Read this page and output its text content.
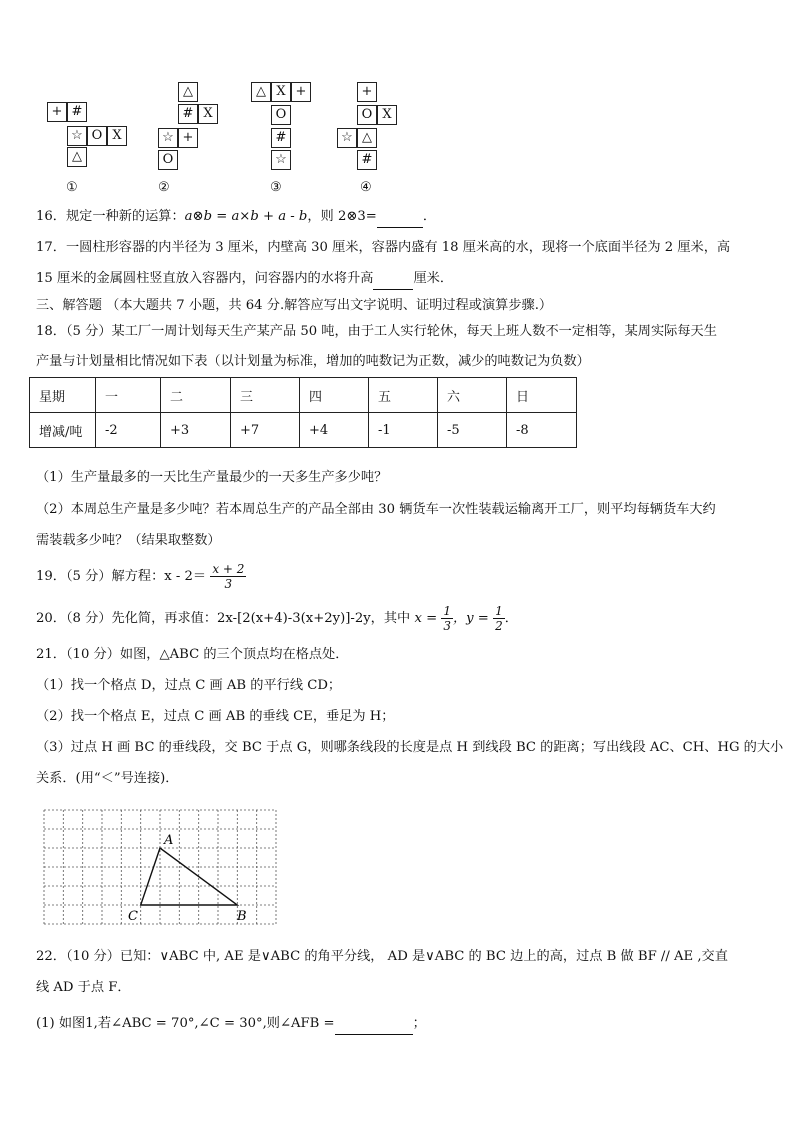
+ #
☆ O X
△
①
△
# X
☆ +
O
②
△ X +
O
#
☆
③
+
O X
☆ △
#
④
16．规定一种新的运算：a⊗b = a×b + a - b，则 2⊗3=	．
17．一圆柱形容器的内半径为 3 厘米，内壁高 30 厘米，容器内盛有 18 厘米高的水，现将一个底面半径为 2 厘米，高
15 厘米的金属圆柱竖直放入容器内，问容器内的水将升高	厘米．
三、解答题 （本大题共 7 小题，共 64 分.解答应写出文字说明、证明过程或演算步骤.）
18．（5 分）某工厂一周计划每天生产某产品 50 吨，由于工人实行轮休，每天上班人数不一定相等，某周实际每天生
产量与计划量相比情况如下表（以计划量为标准，增加的吨数记为正数，减少的吨数记为负数）
星期	一	二	三	四	五	六	日
增减/吨	-2	+3	+7	+4	-1	-5	-8
（1）生产量最多的一天比生产量最少的一天多生产多少吨？
（2）本周总生产量是多少吨？若本周总生产的产品全部由 30 辆货车一次性装载运输离开工厂，则平均每辆货车大约
需装载多少吨？（结果取整数）
19．（5 分）解方程：$x - 2= \frac{x + 2}{3}$
20．（8 分）先化简，再求值：2x-[2(x+4)-3(x+2y)]-2y，其中 $x = \frac{1}{3}$ ，$y = \frac{1}{2}$ ．
21．（10 分）如图，△ABC 的三个顶点均在格点处．
（1）找一个格点 D，过点 C 画 AB 的平行线 CD；
（2）找一个格点 E，过点 C 画 AB 的垂线 CE，垂足为 H；
（3）过点 H 画 BC 的垂线段，交 BC 于点 G，则哪条线段的长度是点 H 到线段 BC 的距离；写出线段 AC、CH、HG 的大小
关系．(用“＜”号连接)．
A
C	B
22．（10 分）已知：∨ABC 中, AE 是∨ABC 的角平分线， AD 是∨ABC 的 BC 边上的高，过点 B 做 BF // AE ,交直
线 AD 于点 F．
(1) 如图1,若∠ABC = 70°,∠C = 30°,则∠AFB =	；
